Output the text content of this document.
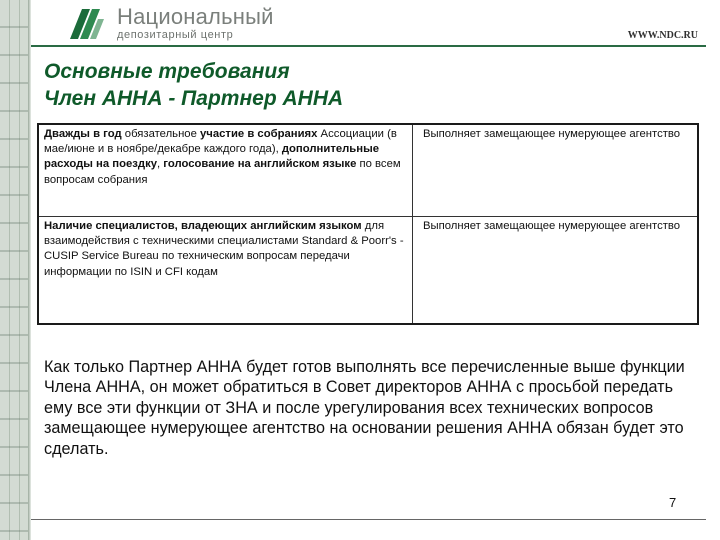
Национальный
депозитарный центр	WWW.NDC.RU
Основные требования
Член АННА - Партнер АННА
Дважды в год обязательное участие в собраниях Ассоциации (в мае/июне и в ноябре/декабре каждого года), дополнительные расходы на поездку, голосование на английском языке по всем вопросам собрания	Выполняет замещающее нумерующее агентство
Наличие специалистов, владеющих английским языком для взаимодействия с техническими специалистами Standard & Poorr's - CUSIP Service Bureau по техническим вопросам передачи информации по ISIN и CFI кодам	Выполняет замещающее нумерующее агентство
Как только Партнер АННА будет готов выполнять все перечисленные выше функции Члена АННА, он может обратиться в Совет директоров АННА с просьбой передать ему все эти функции от ЗНА и после урегулирования всех технических вопросов замещающее нумерующее агентство на основании решения АННА обязан будет это сделать.
7
